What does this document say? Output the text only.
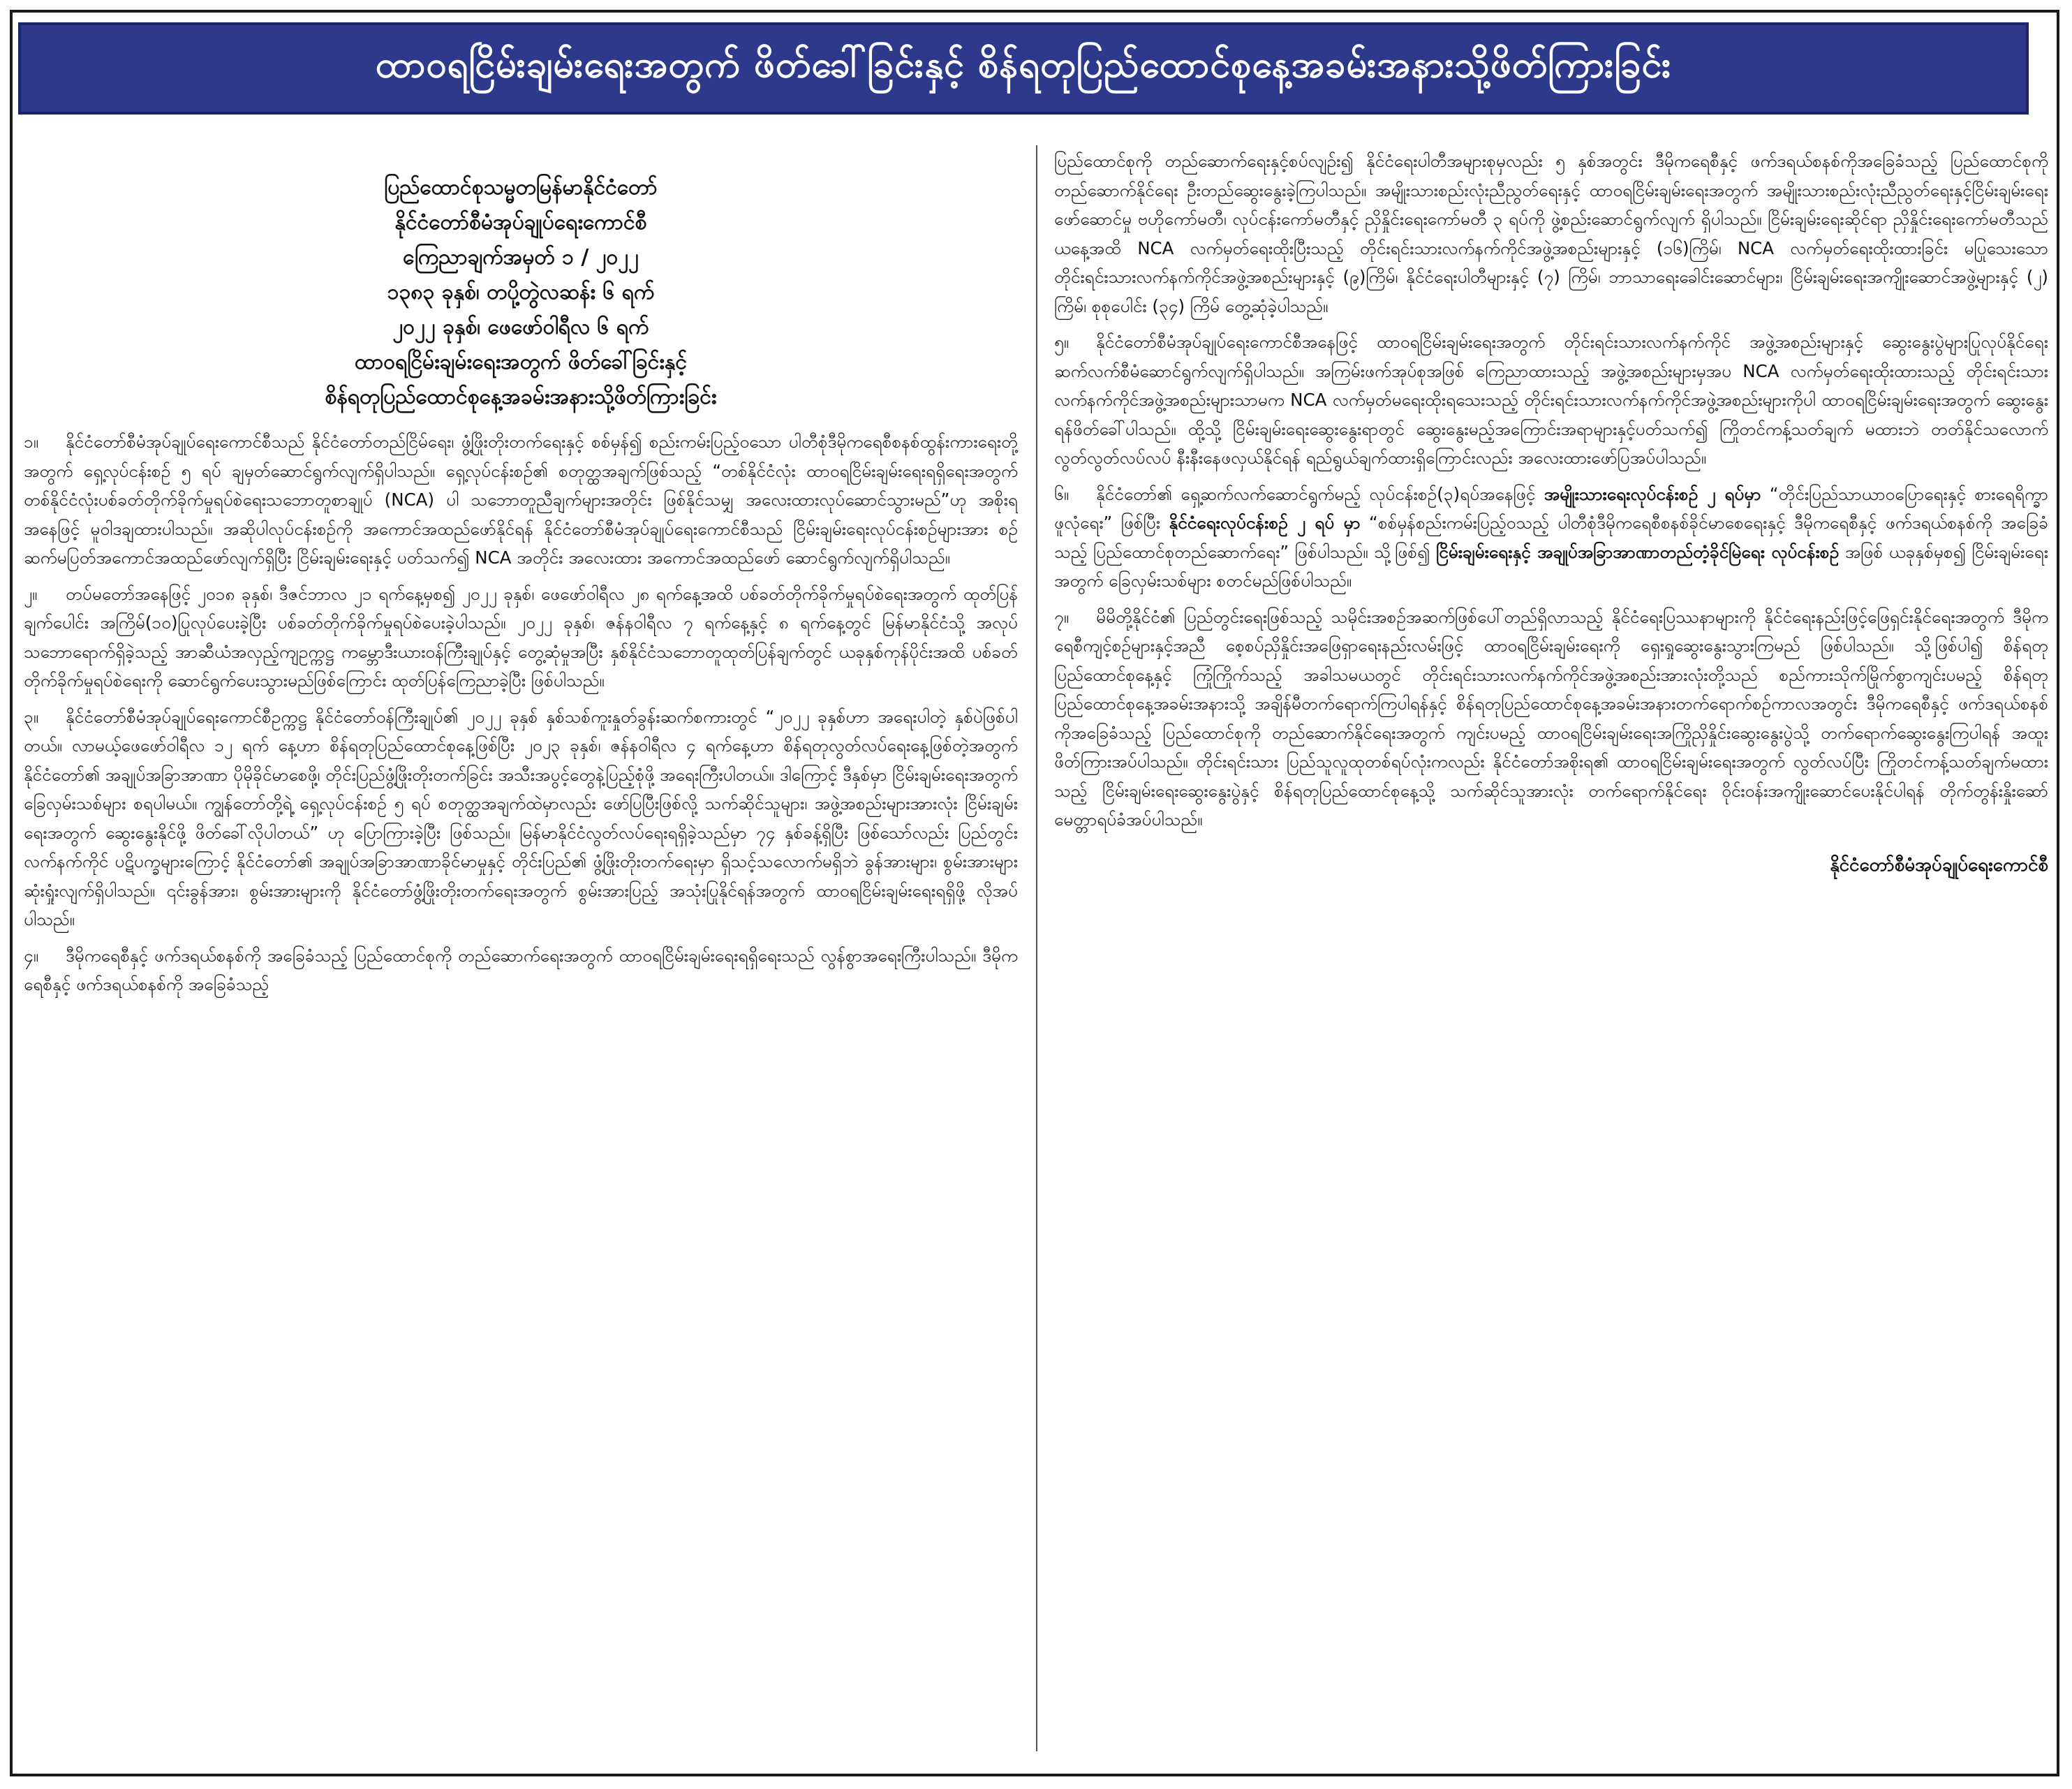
ထာဝရငြိမ်းချမ်းရေးအတွက် ဖိတ်ခေါ်ခြင်းနှင့် စိန်ရတုပြည်ထောင်စုနေ့အခမ်းအနားသို့ဖိတ်ကြားခြင်း
ပြည်ထောင်စုသမ္မတမြန်မာနိုင်ငံတော်
နိုင်ငံတော်စီမံအုပ်ချုပ်ရေးကောင်စီ
ကြေညာချက်အမှတ် ၁ / ၂၀၂၂
၁၃၈၃ ခုနှစ်၊ တပို့တွဲလဆန်း ၆ ရက်
၂၀၂၂ ခုနှစ်၊ ဖေဖော်ဝါရီလ ၆ ရက်
ထာဝရငြိမ်းချမ်းရေးအတွက် ဖိတ်ခေါ်ခြင်းနှင့်
စိန်ရတုပြည်ထောင်စုနေ့အခမ်းအနားသို့ဖိတ်ကြားခြင်း

၁။ နိုင်ငံတော်စီမံအုပ်ချုပ်ရေးကောင်စီသည် နိုင်ငံတော်တည်ငြိမ်ရေး၊ ဖွံ့ဖြိုးတိုးတက်ရေးနှင့် စစ်မှန်၍ စည်းကမ်းပြည့်ဝသော ပါတီစုံဒီမိုကရေစီစနစ်ထွန်းကားရေးတို့အတွက် ရှေ့လုပ်ငန်းစဉ် ၅ ရပ် ချမှတ်ဆောင်ရွက်လျက်ရှိပါသည်။ ရှေ့လုပ်ငန်းစဉ်၏ စတုတ္ထအချက်ဖြစ်သည့် “တစ်နိုင်ငံလုံး ထာဝရငြိမ်းချမ်းရေးရရှိရေးအတွက် တစ်နိုင်ငံလုံးပစ်ခတ်တိုက်ခိုက်မှုရပ်စဲရေးသဘောတူစာချုပ် (NCA) ပါ သဘောတူညီချက်များအတိုင်း ဖြစ်နိုင်သမျှ အလေးထားလုပ်ဆောင်သွားမည်”ဟု အစိုးရအနေဖြင့် မူဝါဒချထားပါသည်။ အဆိုပါလုပ်ငန်းစဉ်ကို အကောင်အထည်ဖော်နိုင်ရန် နိုင်ငံတော်စီမံအုပ်ချုပ်ရေးကောင်စီသည် ငြိမ်းချမ်းရေးလုပ်ငန်းစဉ်များအား စဉ်ဆက်မပြတ်အကောင်အထည်ဖော်လျက်ရှိပြီး ငြိမ်းချမ်းရေးနှင့် ပတ်သက်၍ NCA အတိုင်း အလေးထား အကောင်အထည်ဖော် ဆောင်ရွက်လျက်ရှိပါသည်။

၂။ တပ်မတော်အနေဖြင့် ၂၀၁၈ ခုနှစ်၊ ဒီဇင်ဘာလ ၂၁ ရက်နေ့မှစ၍ ၂၀၂၂ ခုနှစ်၊ ဖေဖော်ဝါရီလ ၂၈ ရက်နေ့အထိ ပစ်ခတ်တိုက်ခိုက်မှုရပ်စဲရေးအတွက် ထုတ်ပြန်ချက်ပေါင်း အကြိမ်(၁၀)ပြုလုပ်ပေးခဲ့ပြီး ပစ်ခတ်တိုက်ခိုက်မှုရပ်စဲပေးခဲ့ပါသည်။ ၂၀၂၂ ခုနှစ်၊ ဇန်နဝါရီလ ၇ ရက်နေ့နှင့် ၈ ရက်နေ့တွင် မြန်မာနိုင်ငံသို့ အလုပ်သဘောရောက်ရှိခဲ့သည့် အာဆီယံအလှည့်ကျဥက္ကဋ္ဌ ကမ္ဘောဒီးယားဝန်ကြီးချုပ်နှင့် တွေ့ဆုံမှုအပြီး နှစ်နိုင်ငံသဘောတူထုတ်ပြန်ချက်တွင် ယခုနှစ်ကုန်ပိုင်းအထိ ပစ်ခတ်တိုက်ခိုက်မှုရပ်စဲရေးကို ဆောင်ရွက်ပေးသွားမည်ဖြစ်ကြောင်း ထုတ်ပြန်ကြေညာခဲ့ပြီး ဖြစ်ပါသည်။

၃။ နိုင်ငံတော်စီမံအုပ်ချုပ်ရေးကောင်စီဥက္ကဋ္ဌ နိုင်ငံတော်ဝန်ကြီးချုပ်၏ ၂၀၂၂ ခုနှစ် နှစ်သစ်ကူးနှုတ်ခွန်းဆက်စကားတွင် “၂၀၂၂ ခုနှစ်ဟာ အရေးပါတဲ့ နှစ်ပဲဖြစ်ပါတယ်။ လာမယ့်ဖေဖော်ဝါရီလ ၁၂ ရက် နေ့ဟာ စိန်ရတုပြည်ထောင်စုနေ့ဖြစ်ပြီး ၂၀၂၃ ခုနှစ်၊ ဇန်နဝါရီလ ၄ ရက်နေ့ဟာ စိန်ရတုလွတ်လပ်ရေးနေ့ဖြစ်တဲ့အတွက် နိုင်ငံတော်၏ အချုပ်အခြာအာဏာ ပိုမိုခိုင်မာစေဖို့၊ တိုင်းပြည်ဖွံ့ဖြိုးတိုးတက်ခြင်း အသီးအပွင့်တွေနဲ့ပြည့်စုံဖို့ အရေးကြီးပါတယ်။ ဒါကြောင့် ဒီနှစ်မှာ ငြိမ်းချမ်းရေးအတွက် ခြေလှမ်းသစ်များ စရပါမယ်။ ကျွန်တော်တို့ရဲ့ ရှေ့လုပ်ငန်းစဉ် ၅ ရပ် စတုတ္ထအချက်ထဲမှာလည်း ဖော်ပြပြီးဖြစ်လို့ သက်ဆိုင်သူများ၊ အဖွဲ့အစည်းများအားလုံး ငြိမ်းချမ်းရေးအတွက် ဆွေးနွေးနိုင်ဖို့ ဖိတ်ခေါ်လိုပါတယ်” ဟု ပြောကြားခဲ့ပြီး ဖြစ်သည်။ မြန်မာနိုင်ငံလွတ်လပ်ရေးရရှိခဲ့သည်မှာ ၇၄ နှစ်ခန့်ရှိပြီး ဖြစ်သော်လည်း ပြည်တွင်းလက်နက်ကိုင် ပဋိပက္ခများကြောင့် နိုင်ငံတော်၏ အချုပ်အခြာအာဏာခိုင်မာမှုနှင့် တိုင်းပြည်၏ ဖွံ့ဖြိုးတိုးတက်ရေးမှာ ရှိသင့်သလောက်မရှိဘဲ ခွန်အားများ၊ စွမ်းအားများ ဆုံးရှုံးလျက်ရှိပါသည်။ ၎င်းခွန်အား၊ စွမ်းအားများကို နိုင်ငံတော်ဖွံ့ဖြိုးတိုးတက်ရေးအတွက် စွမ်းအားပြည့် အသုံးပြုနိုင်ရန်အတွက် ထာဝရငြိမ်းချမ်းရေးရရှိဖို့ လိုအပ်ပါသည်။

၄။ ဒီမိုကရေစီနှင့် ဖက်ဒရယ်စနစ်ကို အခြေခံသည့် ပြည်ထောင်စုကို တည်ဆောက်ရေးအတွက် ထာဝရငြိမ်းချမ်းရေးရရှိရေးသည် လွန်စွာအရေးကြီးပါသည်။ ဒီမိုကရေစီနှင့် ဖက်ဒရယ်စနစ်ကို အခြေခံသည့်

ပြည်ထောင်စုကို တည်ဆောက်ရေးနှင့်စပ်လျဉ်း၍ နိုင်ငံရေးပါတီအများစုမှလည်း ၅ နှစ်အတွင်း ဒီမိုကရေစီနှင့် ဖက်ဒရယ်စနစ်ကိုအခြေခံသည့် ပြည်ထောင်စုကို တည်ဆောက်နိုင်ရေး ဦးတည်ဆွေးနွေးခဲ့ကြပါသည်။ အမျိုးသားစည်းလုံးညီညွတ်ရေးနှင့် ထာဝရငြိမ်းချမ်းရေးအတွက် အမျိုးသားစည်းလုံးညီညွတ်ရေးနှင့်ငြိမ်းချမ်းရေးဖော်ဆောင်မှု ဗဟိုကော်မတီ၊ လုပ်ငန်းကော်မတီနှင့် ညှိနှိုင်းရေးကော်မတီ ၃ ရပ်ကို ဖွဲ့စည်းဆောင်ရွက်လျက် ရှိပါသည်။ ငြိမ်းချမ်းရေးဆိုင်ရာ ညှိနှိုင်းရေးကော်မတီသည် ယနေ့အထိ NCA လက်မှတ်ရေးထိုးပြီးသည့် တိုင်းရင်းသားလက်နက်ကိုင်အဖွဲ့အစည်းများနှင့် (၁၆)ကြိမ်၊ NCA လက်မှတ်ရေးထိုးထားခြင်း မပြုသေးသော တိုင်းရင်းသားလက်နက်ကိုင်အဖွဲ့အစည်းများနှင့် (၉)ကြိမ်၊ နိုင်ငံရေးပါတီများနှင့် (၇) ကြိမ်၊ ဘာသာရေးခေါင်းဆောင်များ၊ ငြိမ်းချမ်းရေးအကျိုးဆောင်အဖွဲ့များနှင့် (၂) ကြိမ်၊ စုစုပေါင်း (၃၄) ကြိမ် တွေ့ဆုံခဲ့ပါသည်။

၅။ နိုင်ငံတော်စီမံအုပ်ချုပ်ရေးကောင်စီအနေဖြင့် ထာဝရငြိမ်းချမ်းရေးအတွက် တိုင်းရင်းသားလက်နက်ကိုင် အဖွဲ့အစည်းများနှင့် ဆွေးနွေးပွဲများပြုလုပ်နိုင်ရေး ဆက်လက်စီမံဆောင်ရွက်လျက်ရှိပါသည်။ အကြမ်းဖက်အုပ်စုအဖြစ် ကြေညာထားသည့် အဖွဲ့အစည်းများမှအပ NCA လက်မှတ်ရေးထိုးထားသည့် တိုင်းရင်းသား လက်နက်ကိုင်အဖွဲ့အစည်းများသာမက NCA လက်မှတ်မရေးထိုးရသေးသည့် တိုင်းရင်းသားလက်နက်ကိုင်အဖွဲ့အစည်းများကိုပါ ထာဝရငြိမ်းချမ်းရေးအတွက် ဆွေးနွေးရန်ဖိတ်ခေါ်ပါသည်။ ထို့သို့ ငြိမ်းချမ်းရေးဆွေးနွေးရာတွင် ဆွေးနွေးမည့်အကြောင်းအရာများနှင့်ပတ်သက်၍ ကြိုတင်ကန့်သတ်ချက် မထားဘဲ တတ်နိုင်သလောက် လွတ်လွတ်လပ်လပ် နီးနီးနေဖလှယ်နိုင်ရန် ရည်ရွယ်ချက်ထားရှိကြောင်းလည်း အလေးထားဖော်ပြအပ်ပါသည်။

၆။ နိုင်ငံတော်၏ ရှေ့ဆက်လက်ဆောင်ရွက်မည့် လုပ်ငန်းစဉ်(၃)ရပ်အနေဖြင့် အမျိုးသားရေးလုပ်ငန်းစဉ် ၂ ရပ်မှာ “တိုင်းပြည်သာယာဝပြောရေးနှင့် စားရေရိက္ခာဖူလုံရေး” ဖြစ်ပြီး နိုင်ငံရေးလုပ်ငန်းစဉ် ၂ ရပ် မှာ “စစ်မှန်စည်းကမ်းပြည့်ဝသည့် ပါတီစုံဒီမိုကရေစီစနစ်ခိုင်မာစေရေးနှင့် ဒီမိုကရေစီနှင့် ဖက်ဒရယ်စနစ်ကို အခြေခံသည့် ပြည်ထောင်စုတည်ဆောက်ရေး” ဖြစ်ပါသည်။ သို့ဖြစ်၍ ငြိမ်းချမ်းရေးနှင့် အချုပ်အခြာအာဏာတည်တံ့ခိုင်မြဲရေး လုပ်ငန်းစဉ် အဖြစ် ယခုနှစ်မှစ၍ ငြိမ်းချမ်းရေးအတွက် ခြေလှမ်းသစ်များ စတင်မည်ဖြစ်ပါသည်။

၇။ မိမိတို့နိုင်ငံ၏ ပြည်တွင်းရေးဖြစ်သည့် သမိုင်းအစဉ်အဆက်ဖြစ်ပေါ်တည်ရှိလာသည့် နိုင်ငံရေးပြဿနာများကို နိုင်ငံရေးနည်းဖြင့်ဖြေရှင်းနိုင်ရေးအတွက် ဒီမိုကရေစီကျင့်စဉ်များနှင့်အညီ စေ့စပ်ညှိနှိုင်းအဖြေရှာရေးနည်းလမ်းဖြင့် ထာဝရငြိမ်းချမ်းရေးကို ရှေးရှုဆွေးနွေးသွားကြမည် ဖြစ်ပါသည်။ သို့ဖြစ်ပါ၍ စိန်ရတုပြည်ထောင်စုနေ့နှင့် ကြုံကြိုက်သည့် အခါသမယတွင် တိုင်းရင်းသားလက်နက်ကိုင်အဖွဲ့အစည်းအားလုံးတို့သည် စည်ကားသိုက်မြိုက်စွာကျင်းပမည့် စိန်ရတုပြည်ထောင်စုနေ့အခမ်းအနားသို့ အချိန်မီတက်ရောက်ကြပါရန်နှင့် စိန်ရတုပြည်ထောင်စုနေ့အခမ်းအနားတက်ရောက်စဉ်ကာလအတွင်း ဒီမိုကရေစီနှင့် ဖက်ဒရယ်စနစ်ကိုအခြေခံသည့် ပြည်ထောင်စုကို တည်ဆောက်နိုင်ရေးအတွက် ကျင်းပမည့် ထာဝရငြိမ်းချမ်းရေးအကြိုညှိနှိုင်းဆွေးနွေးပွဲသို့ တက်ရောက်ဆွေးနွေးကြပါရန် အထူးဖိတ်ကြားအပ်ပါသည်။ တိုင်းရင်းသား ပြည်သူလူထုတစ်ရပ်လုံးကလည်း နိုင်ငံတော်အစိုးရ၏ ထာဝရငြိမ်းချမ်းရေးအတွက် လွတ်လပ်ပြီး ကြိုတင်ကန့်သတ်ချက်မထားသည့် ငြိမ်းချမ်းရေးဆွေးနွေးပွဲနှင့် စိန်ရတုပြည်ထောင်စုနေ့သို့ သက်ဆိုင်သူအားလုံး တက်ရောက်နိုင်ရေး ဝိုင်းဝန်းအကျိုးဆောင်ပေးနိုင်ပါရန် တိုက်တွန်းနှိုးဆော် မေတ္တာရပ်ခံအပ်ပါသည်။

နိုင်ငံတော်စီမံအုပ်ချုပ်ရေးကောင်စီ
